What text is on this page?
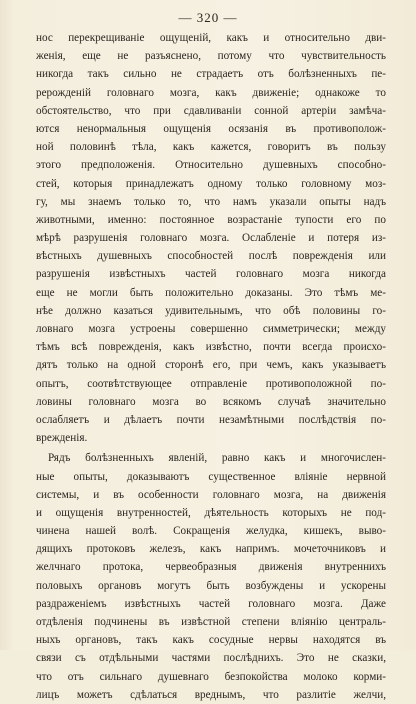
— 320 —
нос перекрещиваніе ощущеній, какъ и относительно дви-
женія, еще не разъяснено, потому что чувствительность
никогда такъ сильно не страдаетъ отъ болѣзненныхъ пе-
рерожденій головнаго мозга, какъ движеніе; однакоже то
обстоятельство, что при сдавливаніи сонной артеріи замѣча-
ются ненормальныя ощущенія осязанія въ противополож-
ной половинѣ тѣла, какъ кажется, говоритъ въ пользу
этого предположенія. Относительно душевныхъ способно-
стей, которыя принадлежатъ одному только головному моз-
гу, мы знаемъ только то, что намъ указали опыты надъ
животными, именно: постоянное возрастаніе тупости его по
мѣрѣ разрушенія головнаго мозга. Ослабленіе и потеря из-
вѣстныхъ душевныхъ способностей послѣ поврежденія или
разрушенія извѣстныхъ частей головнаго мозга никогда
еще не могли быть положительно доказаны. Это тѣмъ ме-
нѣе должно казаться удивительнымъ, что обѣ половины го-
ловнаго мозга устроены совершенно симметрически; между
тѣмъ всѣ поврежденія, какъ извѣстно, почти всегда происхо-
дятъ только на одной сторонѣ его, при чемъ, какъ указываетъ
опытъ, соотвѣтствующее отправленіе противоположной по-
ловины головнаго мозга во всякомъ случаѣ значительно
ослабляетъ и дѣлаетъ почти незамѣтными послѣдствія по-
врежденія.
Рядъ болѣзненныхъ явленій, равно какъ и многочислен-
ные опыты, доказываютъ существенное вліяніе нервной
системы, и въ особенности головнаго мозга, на движенія
и ощущенія внутренностей, дѣятельность которыхъ не под-
чинена нашей волѣ. Сокращенія желудка, кишекъ, выво-
дящихъ протоковъ железъ, какъ напримъ. мочеточниковъ и
желчнаго протока, червеобразныя движенія внутреннихъ
половыхъ органовъ могутъ быть возбуждены и ускорены
раздраженіемъ извѣстныхъ частей головнаго мозга. Даже
отдѣленія подчинены въ извѣстной степени вліянію централь-
ныхъ органовъ, такъ какъ сосудные нервы находятся въ
связи съ отдѣльными частями послѣднихъ. Это не сказки,
что отъ сильнаго душевнаго безпокойства молоко корми-
лицъ можетъ сдѣлаться вреднымъ, что разлитіе желчи,
